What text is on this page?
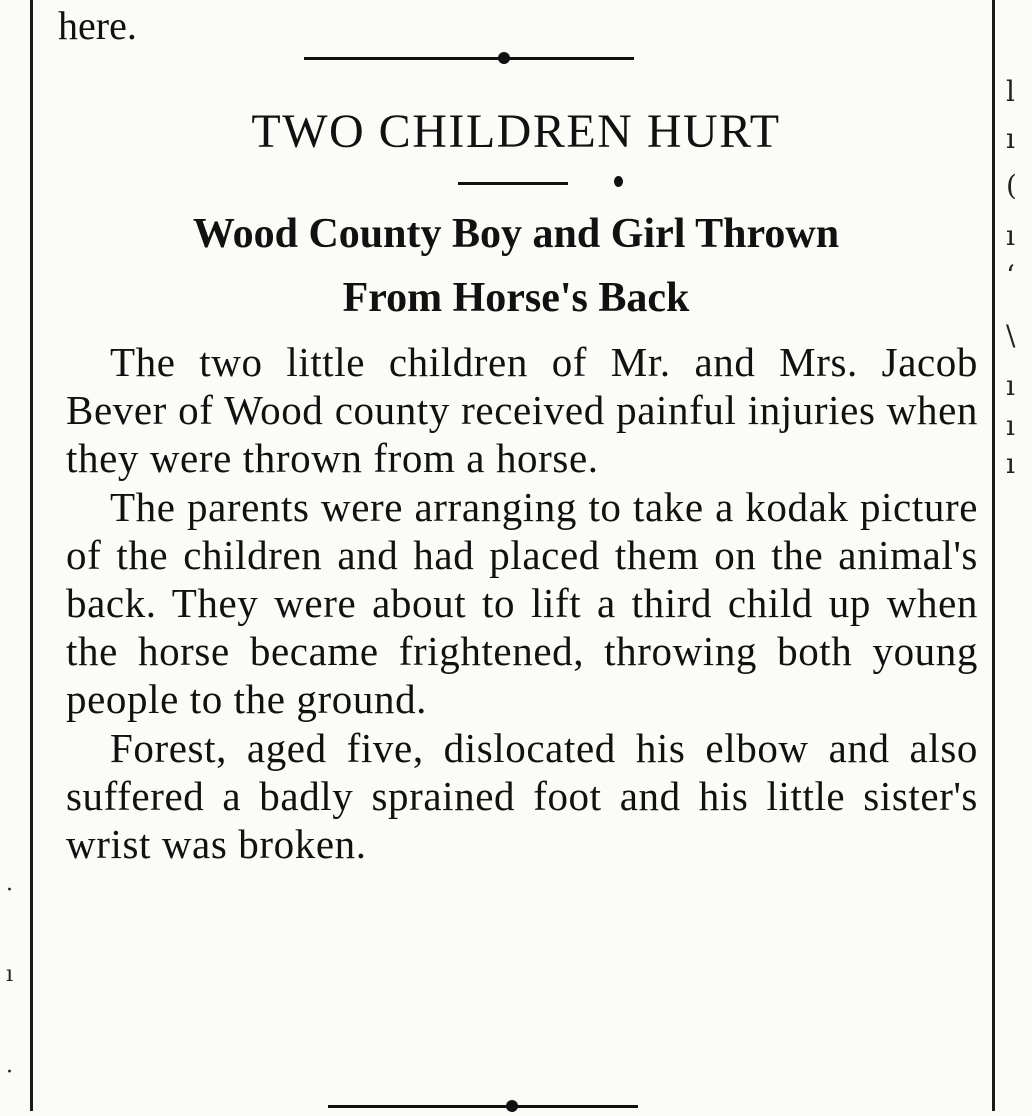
l
ı
(
ı
‘
\
ı
ı
ı
·
ı
·
here.
TWO CHILDREN HURT
Wood County Boy and Girl Thrown
From Horse's Back

The two little children of Mr. and Mrs. Jacob Bever of Wood county received painful injuries when they were thrown from a horse.

The parents were arranging to take a kodak picture of the children and had placed them on the animal's back. They were about to lift a third child up when the horse became frightened, throwing both young people to the ground.

Forest, aged five, dislocated his elbow and also suffered a badly sprained foot and his little sister's wrist was broken.
